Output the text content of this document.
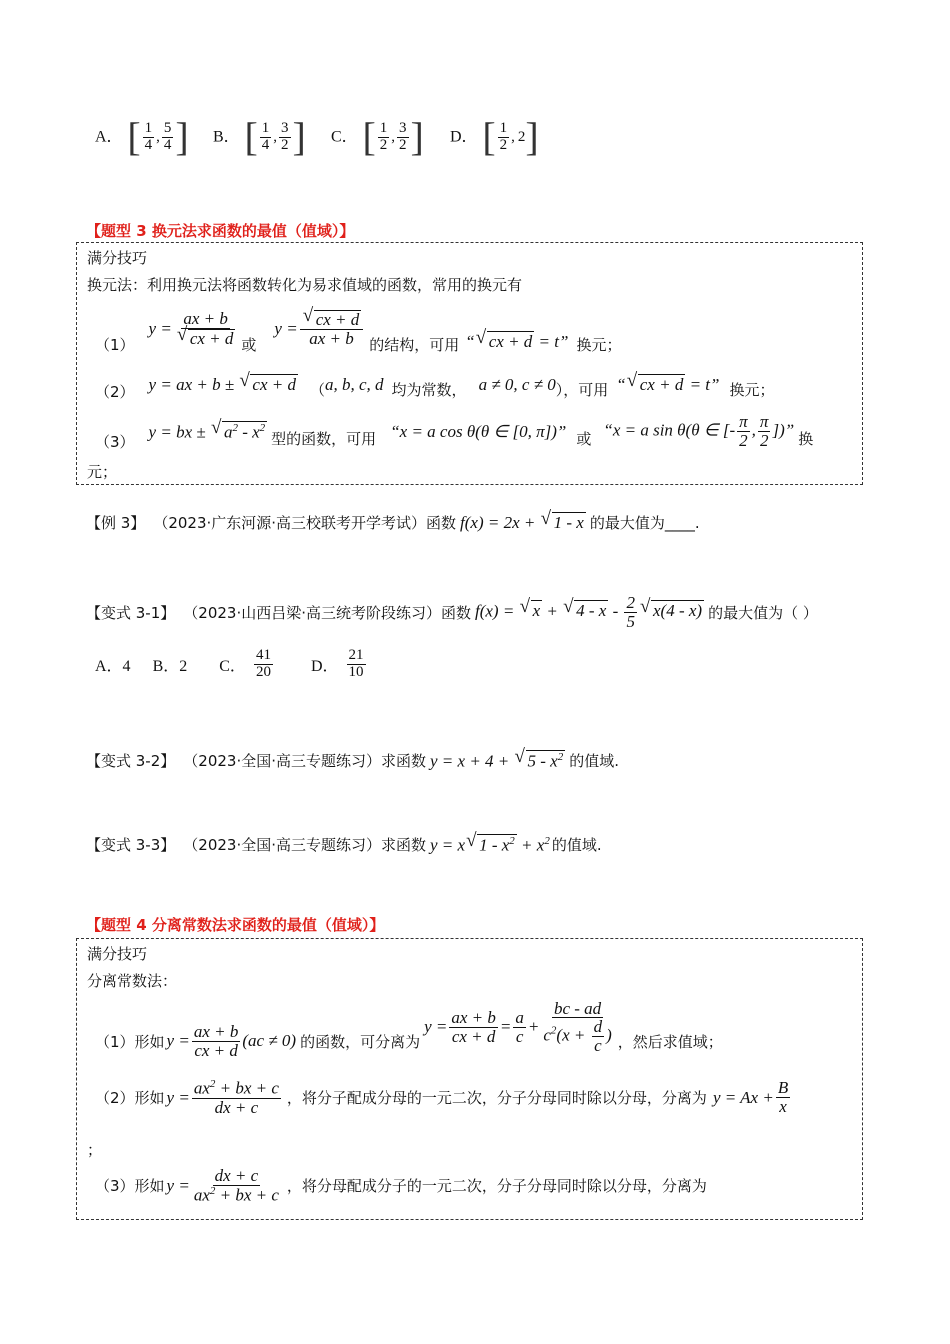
A． [ $\frac{1}{4}$ , $\frac{5}{4}$ ] B． [ $\frac{1}{4}$ , $\frac{3}{2}$ ] C． [ $\frac{1}{2}$ , $\frac{3}{2}$ ] D． [ $\frac{1}{2}$ , 2 ]
【题型 3 换元法求函数的最值（值域）】
满分技巧
换元法：利用换元法将函数转化为易求值域的函数，常用的换元有
（1）
y = ax + b
√ cx + d 或
y = √ $\frac{cx + d}{ax + b}$ 的结构，可用 “ √ cx + d = t” 换元；
（2） y = ax + b ± √ cx + d （ a, b, c, d 均为常数， a ≠ 0, c ≠ 0 ），可用 “ √ cx + d = t” 换元；
（3）
y = bx ± √ $a^2 - x^2$
型的函数，可用 “x = a cos θ(θ ∈ [0, π])” 或 “x = a sin θ(θ ∈ [- $\frac{\pi}{2}$ , $\frac{\pi}{2}$ ])” 换
元；
【例 3】 （2023·广东河源·高三校联考开学考试）函数 f(x) = 2x + √ 1 - x 的最大值为____.
【变式 3-1】 （2023·山西吕梁·高三统考阶段练习）函数 f(x) = √ x + √ 4 - x - $\frac{2}{5}$ √ x(4 - x) 的最大值为（ ）
A．4 B．2 C． $\frac{41}{20}$ D． $\frac{21}{10}$
【变式 3-2】 （2023·全国·高三专题练习）求函数 y = x + 4 + √ $5 - x^2$ 的值域.
【变式 3-3】 （2023·全国·高三专题练习）求函数 y = x √ $1 - x^2 + x^2$ 的值域.
【题型 4 分离常数法求函数的最值（值域）】
满分技巧
分离常数法：
（1）形如 $y = \frac{ax + b}{cx + d} (ac \ne 0)$ 的函数，可分离为
$y = \frac{ax + b}{cx + d} = \frac{a}{c} + \frac{bc - ad}{c^2(x + \frac{d}{c} )}$ ，然后求值域；
（2）形如 $y = \frac{ax^2 + bx + c}{dx + c}$ ，将分子配成分母的一元二次，分子分母同时除以分母，分离为 $y = Ax + \frac{B}{x}$
；
（3）形如 $y = \frac{dx + c}{ax^2 + bx + c}$ ，将分母配成分子的一元二次，分子分母同时除以分母，分离为
